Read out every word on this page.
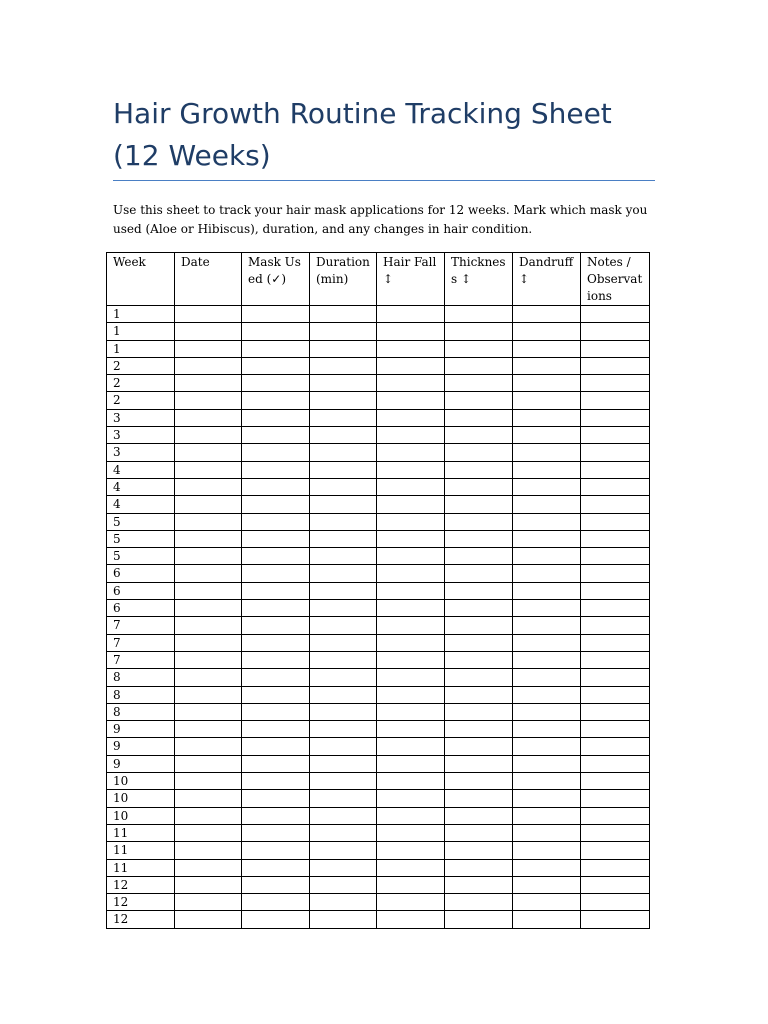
Hair Growth Routine Tracking Sheet (12 Weeks)

Use this sheet to track your hair mask applications for 12 weeks. Mark which mask you used (Aloe or Hibiscus), duration, and any changes in hair condition.

Week	Date	Mask Used (✓)	Duration (min)	Hair Fall ↕	Thickness ↕	Dandruff ↕	Notes / Observations
1							
1							
1							
2							
2							
2							
3							
3							
3							
4							
4							
4							
5							
5							
5							
6							
6							
6							
7							
7							
7							
8							
8							
8							
9							
9							
9							
10							
10							
10							
11							
11							
11							
12							
12							
12							
